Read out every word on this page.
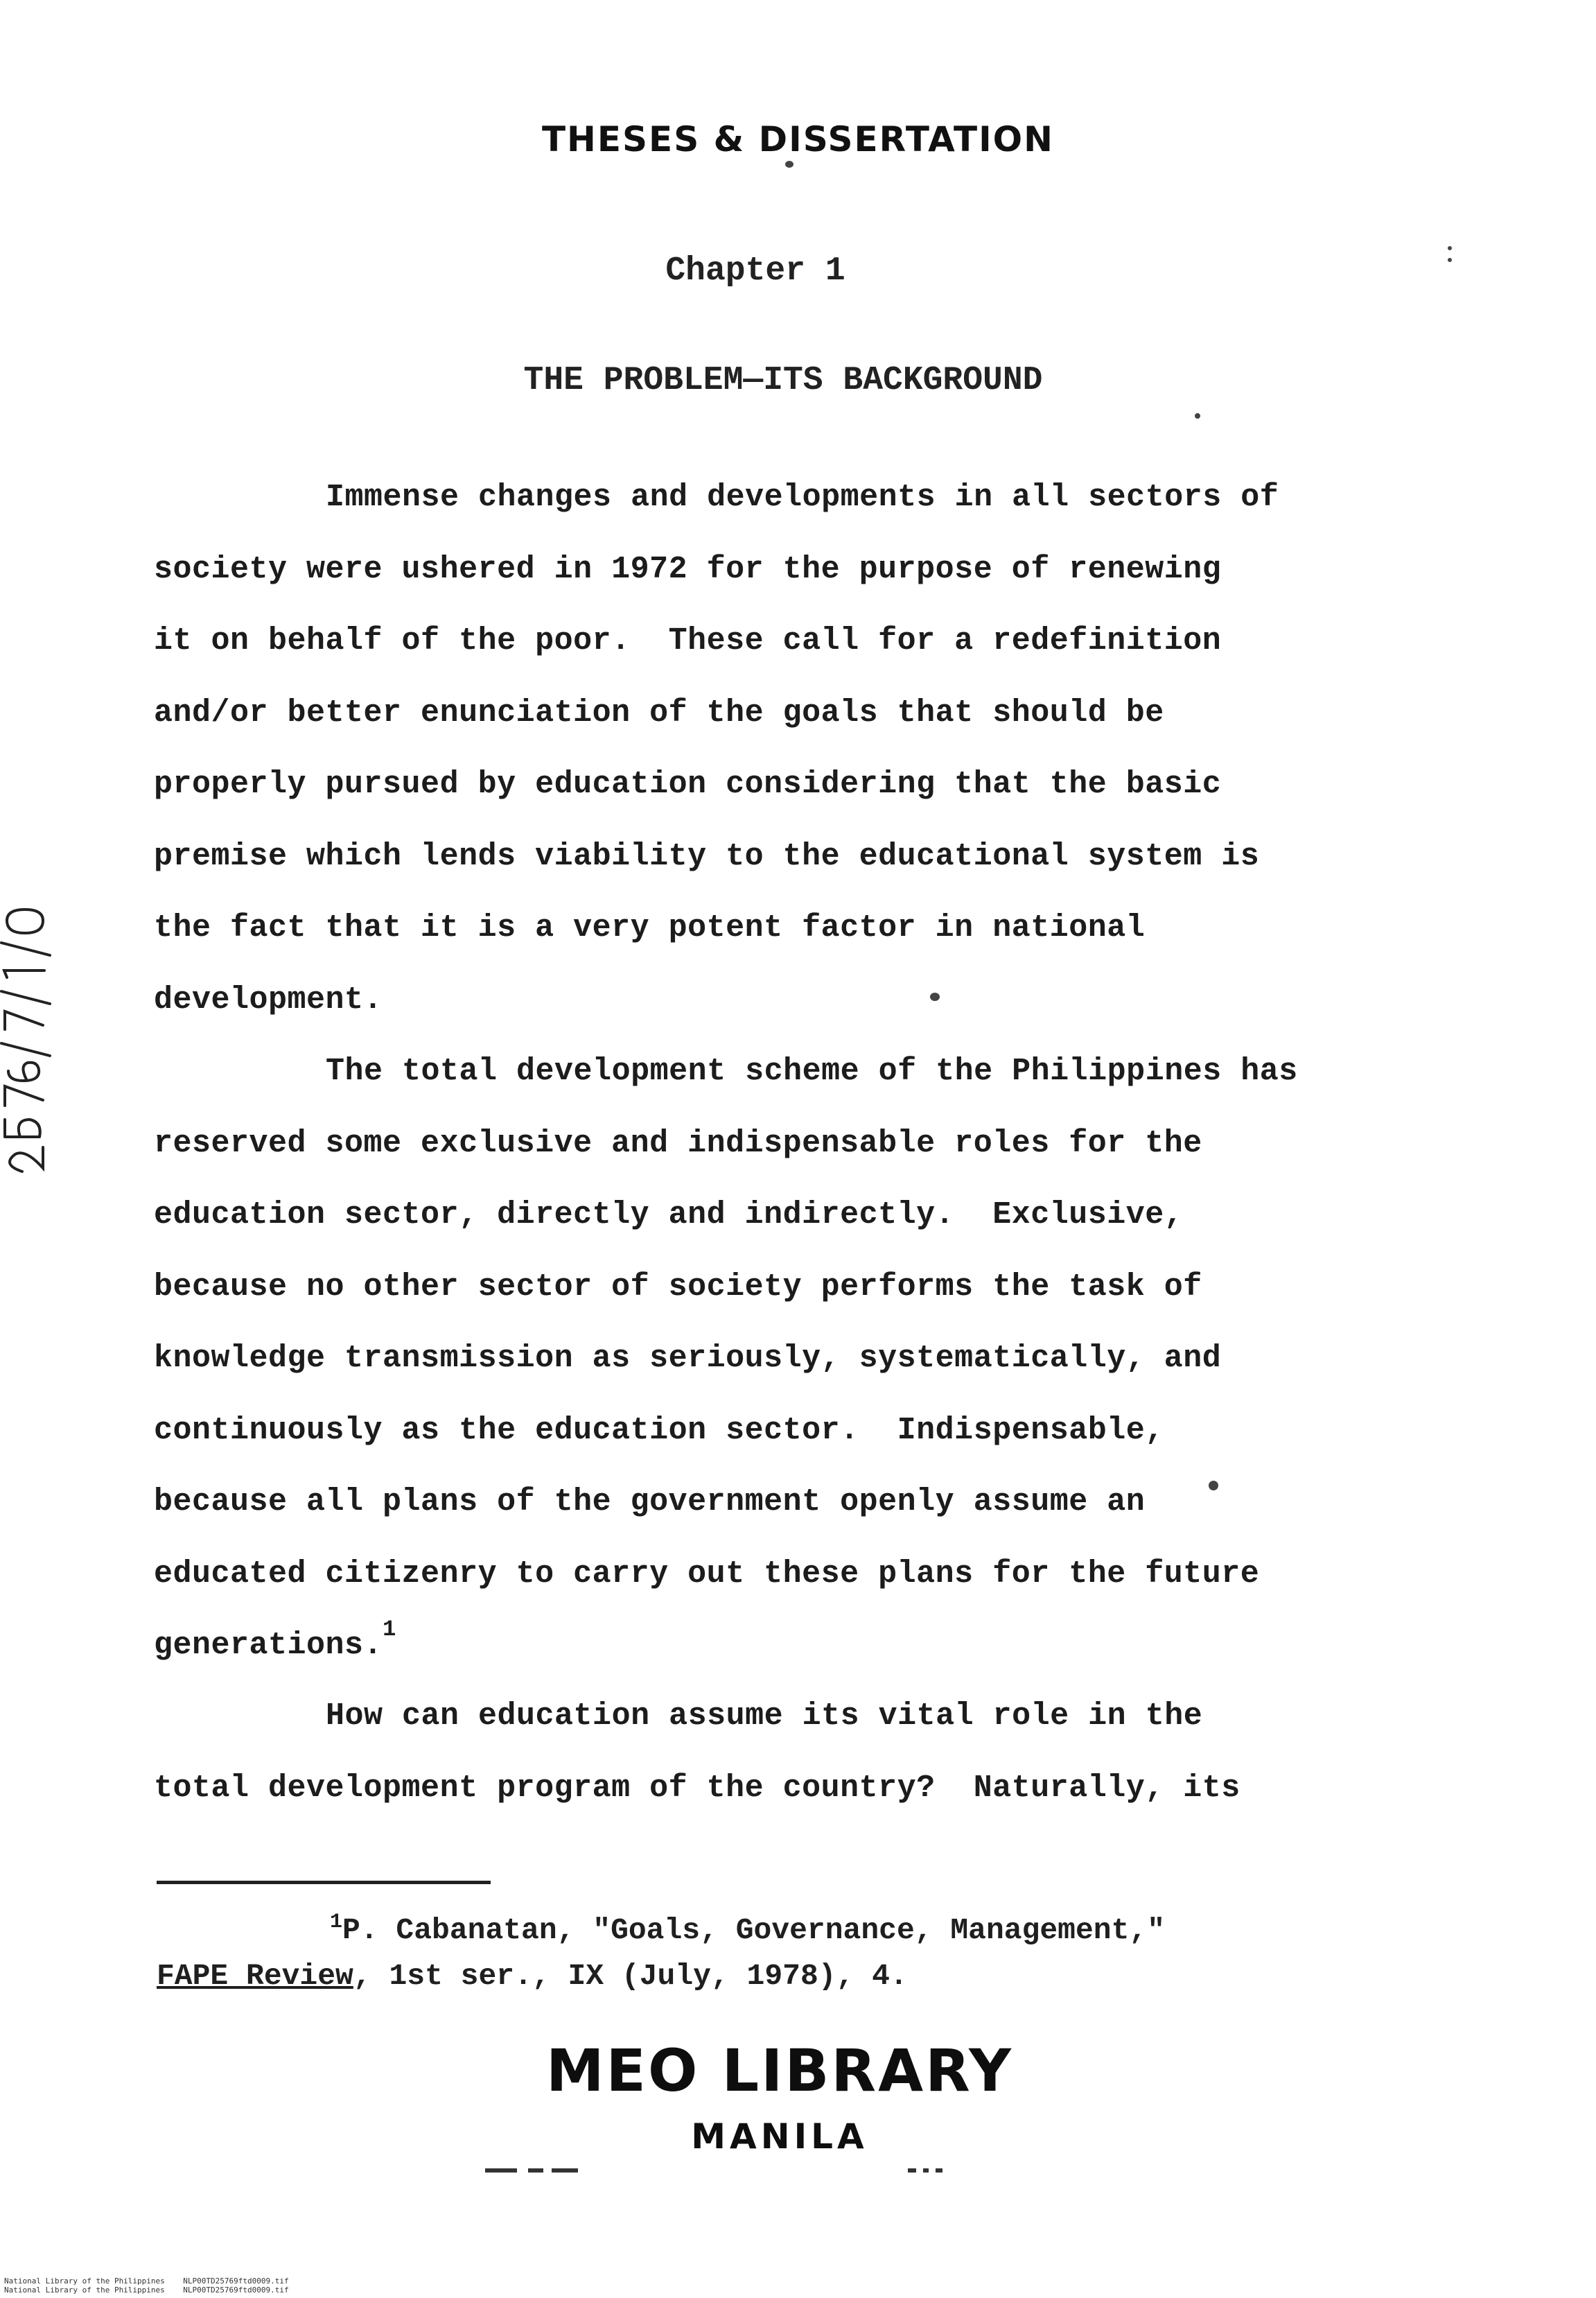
THESES & DISSERTATION
Chapter 1
THE PROBLEM—ITS BACKGROUND
Immense changes and developments in all sectors of
society were ushered in 1972 for the purpose of renewing
it on behalf of the poor.  These call for a redefinition
and/or better enunciation of the goals that should be
properly pursued by education considering that the basic
premise which lends viability to the educational system is
the fact that it is a very potent factor in national
development.
The total development scheme of the Philippines has
reserved some exclusive and indispensable roles for the
education sector, directly and indirectly.  Exclusive,
because no other sector of society performs the task of
knowledge transmission as seriously, systematically, and
continuously as the education sector.  Indispensable,
because all plans of the government openly assume an
educated citizenry to carry out these plans for the future
generations.$^1$
How can education assume its vital role in the
total development program of the country?  Naturally, its
$^1$P. Cabanatan, "Goals, Governance, Management,"
FAPE Review, 1st ser., IX (July, 1978), 4.
MEO LIBRARY
MANILA
National Library of the Philippines    NLP00TD25769ftd0009.tif
National Library of the Philippines    NLP00TD25769ftd0009.tif
